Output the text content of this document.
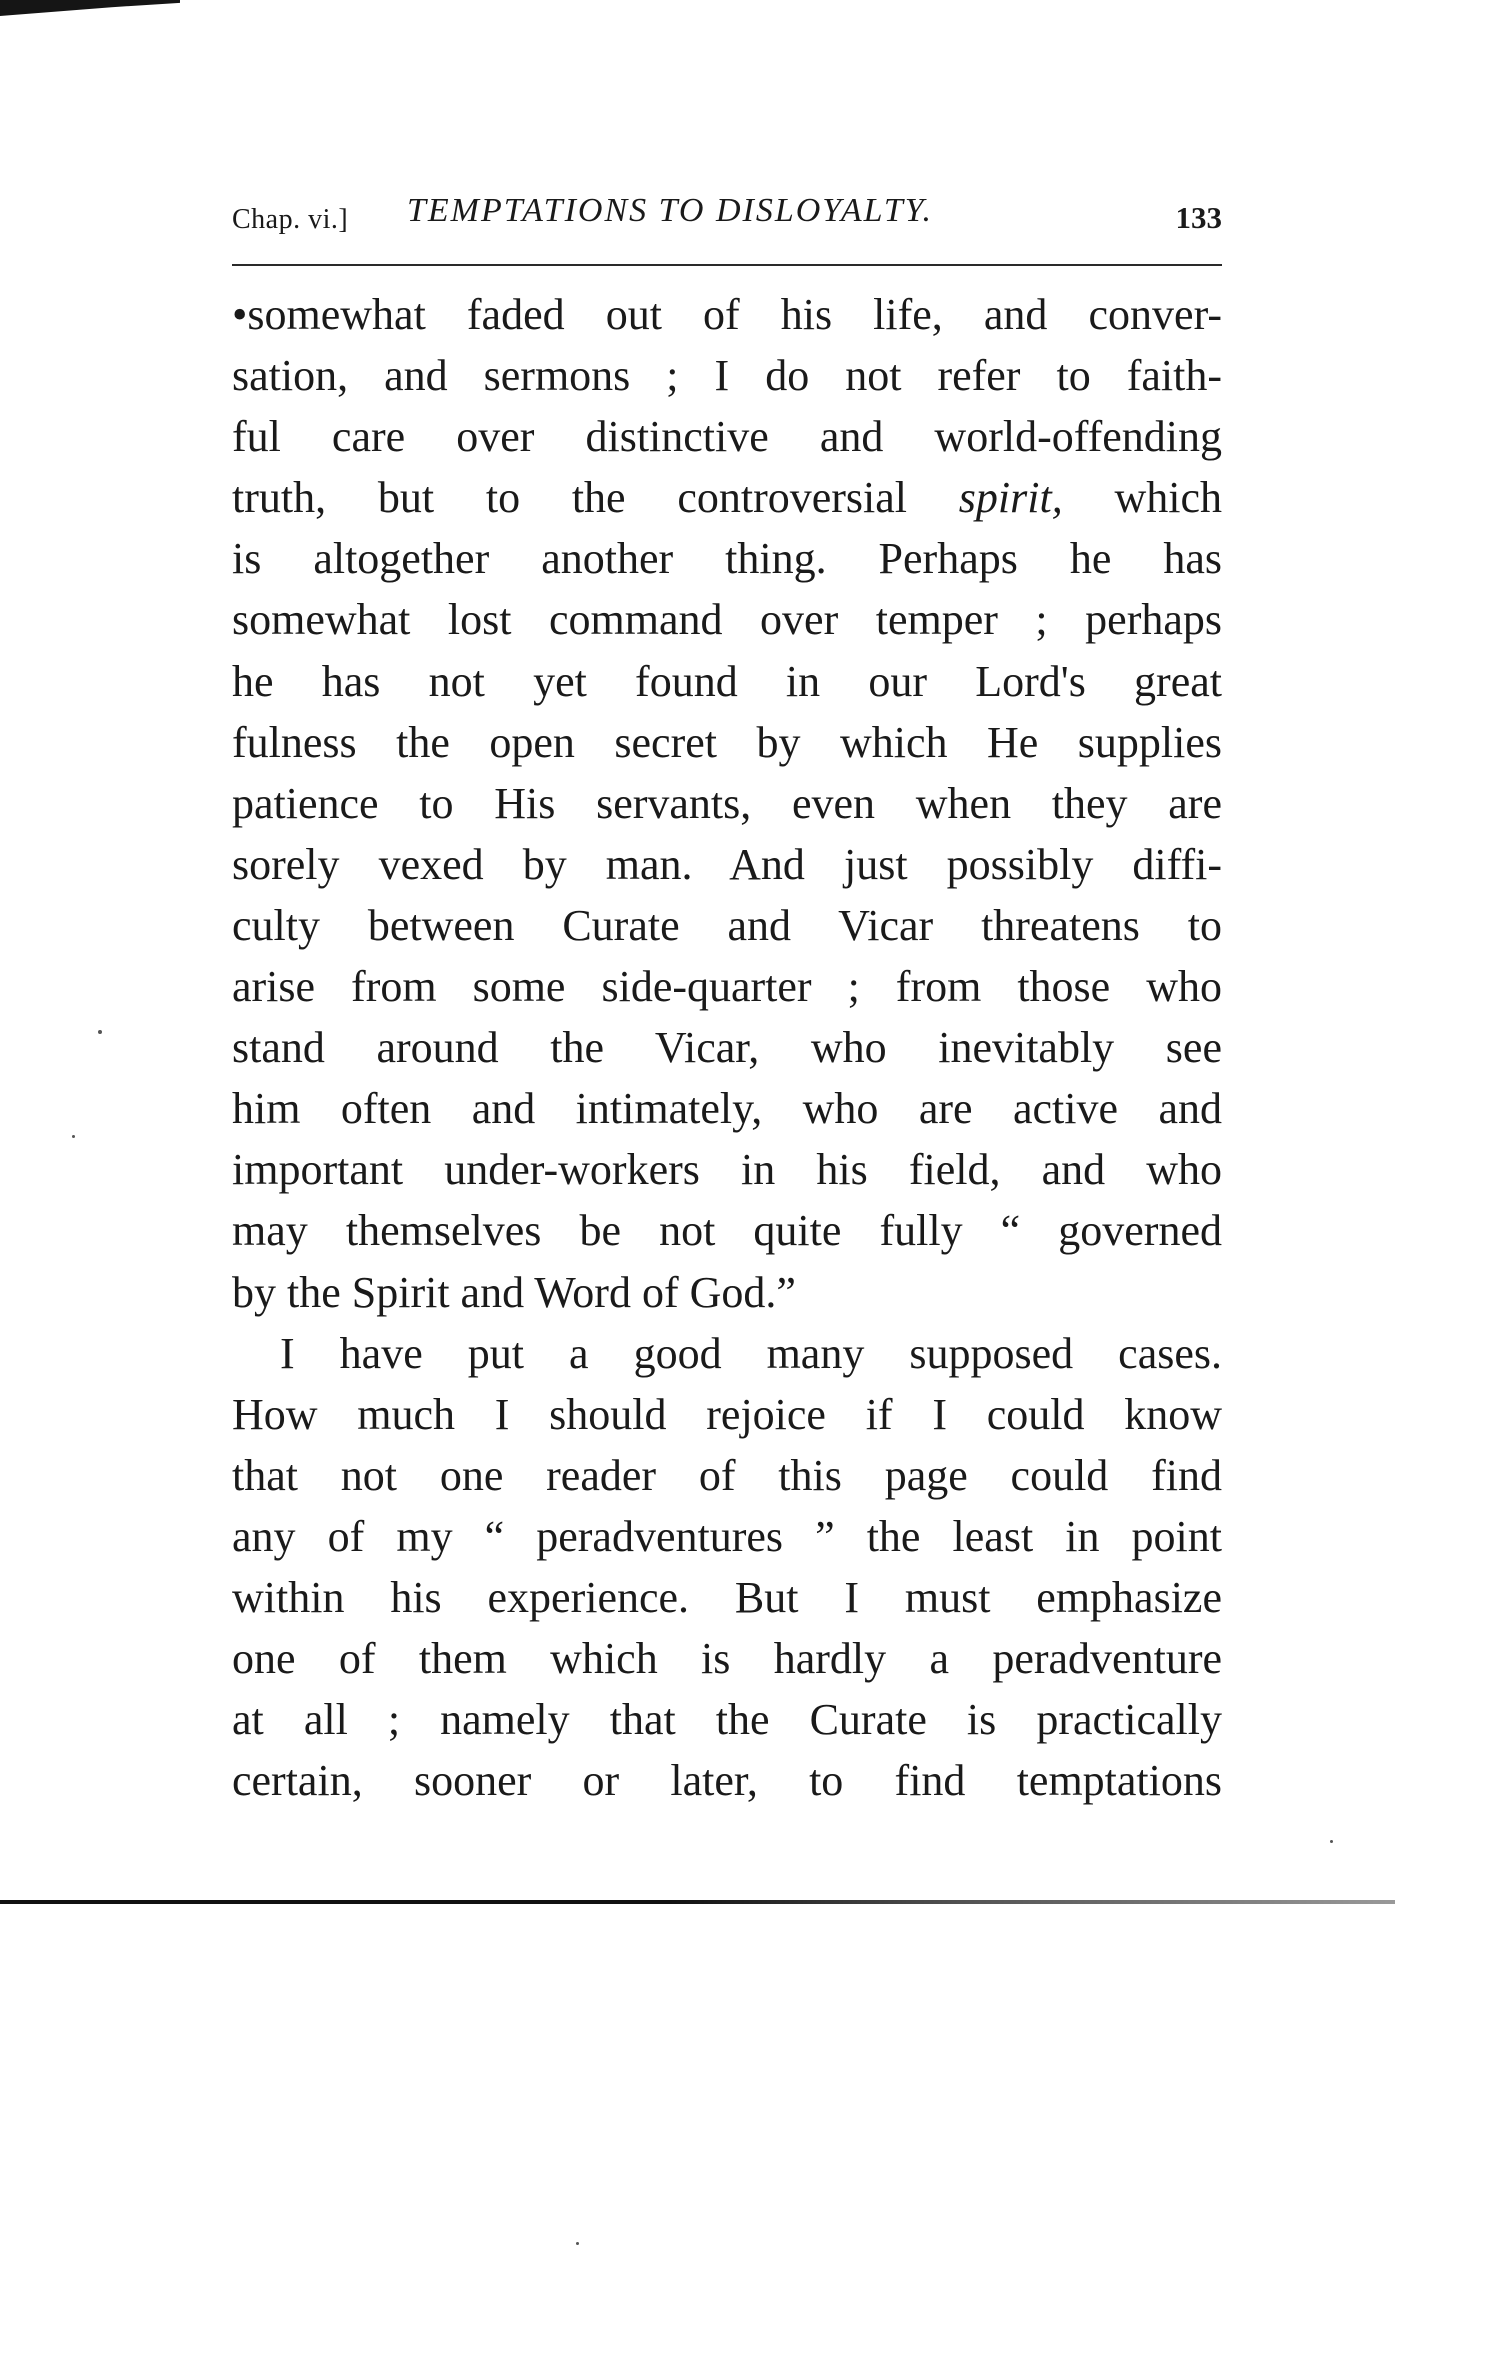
Chap. vi.] TEMPTATIONS TO DISLOYALTY.	133
•somewhat faded out of his life, and conver-
sation, and sermons ; I do not refer to faith-
ful care over distinctive and world-offending
truth, but to the controversial spirit, which
is altogether another thing. Perhaps he has
somewhat lost command over temper ; perhaps
he has not yet found in our Lord's great
fulness the open secret by which He supplies
patience to His servants, even when they are
sorely vexed by man. And just possibly diffi-
culty between Curate and Vicar threatens to
arise from some side-quarter ; from those who
stand around the Vicar, who inevitably see
him often and intimately, who are active and
important under-workers in his field, and who
may themselves be not quite fully “ governed
by the Spirit and Word of God.”
I have put a good many supposed cases.
How much I should rejoice if I could know
that not one reader of this page could find
any of my “ peradventures ” the least in point
within his experience. But I must emphasize
one of them which is hardly a peradventure
at all ; namely that the Curate is practically
certain, sooner or later, to find temptations
